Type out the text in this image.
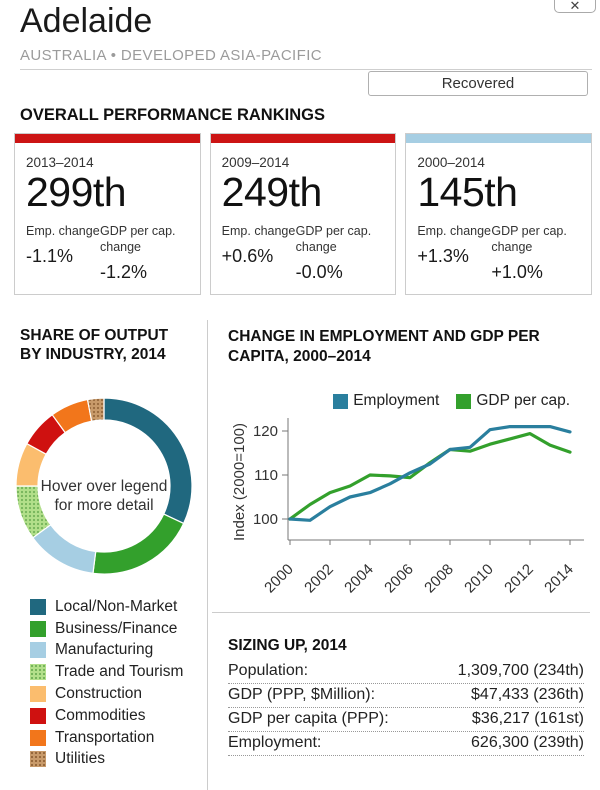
✕
Adelaide
AUSTRALIA • DEVELOPED ASIA-PACIFIC
Recovered
OVERALL PERFORMANCE RANKINGS
2013–2014
299th
Emp. change
-1.1%
GDP per cap. change
-1.2%
2009–2014
249th
Emp. change
+0.6%
GDP per cap. change
-0.0%
2000–2014
145th
Emp. change
+1.3%
GDP per cap. change
+1.0%
SHARE OF OUTPUT
BY INDUSTRY, 2014
Hover over legend for more detail
Local/Non-Market
Business/Finance
Manufacturing
Trade and Tourism
Construction
Commodities
Transportation
Utilities
CHANGE IN EMPLOYMENT AND GDP PER
CAPITA, 2000–2014
Employment GDP per cap.
100
110
120
Index (2000=100)
2000 2002 2004 2006 2008 2010 2012 2014
SIZING UP, 2014
Population:	1,309,700 (234th)
GDP (PPP, $Million):	$47,433 (236th)
GDP per capita (PPP):	$36,217 (161st)
Employment:	626,300 (239th)
